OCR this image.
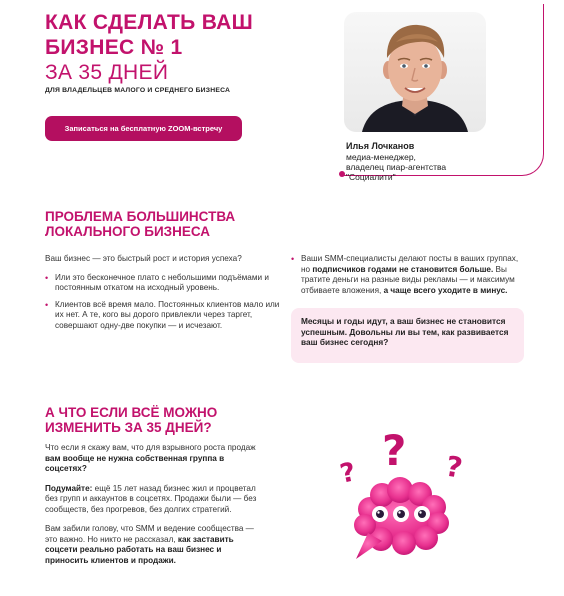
КАК СДЕЛАТЬ ВАШ
БИЗНЕС № 1
ЗА 35 ДНЕЙ
ДЛЯ ВЛАДЕЛЬЦЕВ МАЛОГО И СРЕДНЕГО БИЗНЕСА
Записаться на бесплатную ZOOM-встречу
Илья Лочканов
медиа-менеджер,
владелец пиар-агентства
"Социалити"
ПРОБЛЕМА БОЛЬШИНСТВА
ЛОКАЛЬНОГО БИЗНЕСА

Ваш бизнес — это быстрый рост и история успеха?

• Или это бесконечное плато с небольшими подъёмами и постоянным откатом на исходный уровень.

• Клиентов всё время мало. Постоянных клиентов мало или их нет. А те, кого вы дорого привлекли через таргет, совершают одну-две покупки — и исчезают.

• Ваши SMM-специалисты делают посты в ваших группах, но подписчиков годами не становится больше. Вы тратите деньги на разные виды рекламы — и максимум отбиваете вложения, а чаще всего уходите в минус.

Месяцы и годы идут, а ваш бизнес не становится успешным. Довольны ли вы тем, как развивается ваш бизнес сегодня?

А ЧТО ЕСЛИ ВСЁ МОЖНО
ИЗМЕНИТЬ ЗА 35 ДНЕЙ?

Что если я скажу вам, что для взрывного роста продаж вам вообще не нужна собственная группа в соцсетях?

Подумайте: ещё 15 лет назад бизнес жил и процветал без групп и аккаунтов в соцсетях. Продажи были — без сообществ, без прогревов, без долгих стратегий.

Вам забили голову, что SMM и ведение сообщества — это важно. Но никто не рассказал, как заставить соцсети реально работать на ваш бизнес и приносить клиентов и продажи.

?
?	?
